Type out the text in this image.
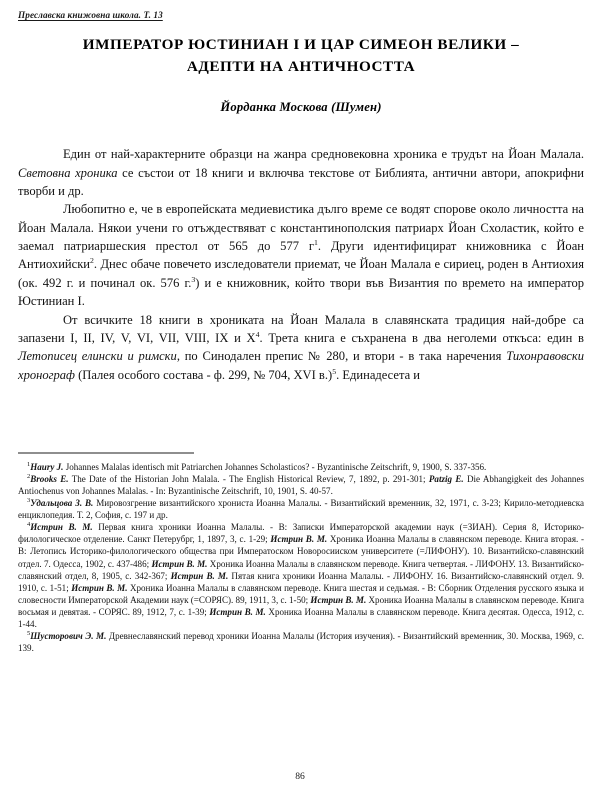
Преславска книжовна школа. Т. 13
ИМПЕРАТОР ЮСТИНИАН I И ЦАР СИМЕОН ВЕЛИКИ –
АДЕПТИ НА АНТИЧНОСТТА
Йорданка Москова (Шумен)

Един от най-характерните образци на жанра средновековна хроника е трудът на Йоан Малала. Световна хроника се състои от 18 книги и включва текстове от Библията, антични автори, апокрифни творби и др.

Любопитно е, че в европейската медиевистика дълго време се водят спорове около личността на Йоан Малала. Някои учени го отъждествяват с константинополския патриарх Йоан Схоластик, който е заемал патриаршеския престол от 565 до 577 $г^1$. Други идентифицират книжовника с Йоан Антиохийски$^2$. Днес обаче повечето изследователи приемат, че Йоан Малала е сириец, роден в Антиохия (ок. 492 г. и починал ок. 576 г.$^3$) и е книжовник, който твори във Византия по времето на император Юстиниан I.

От всичките 18 книги в хрониката на Йоан Малала в славянската традиция най-добре са запазени I, II, IV, V, VI, VII, VIII, IX и $X^4$. Трета книга е съхранена в два неголеми откъса: един в Летописец елински и римски, по Синодален препис № 280, и втори - в така наречения Тихонравовски хронограф (Палея особого состава - ф. 299, № 704, XVI в.)$^5$. Единадесета и

$^1$Haury J. Johannes Malalas identisch mit Patriarchen Johannes Scholasticos? - Byzantinische Zeitschrift, 9, 1900, S. 337-356.

$^2$Brooks E. The Date of the Historian John Malala. - The English Historical Review, 7, 1892, p. 291-301; Patzig E. Die Abhangigkeit des Johannes Antiochenus von Johannes Malalas. - In: Byzantinische Zeitschrift, 10, 1901, S. 40-57.

$^3$Удальцова З. В. Мировозгрение византийского хрониста Иоанна Малалы. - Византийский временник, 32, 1971, с. 3-23; Кирило-методиевска енциклопедия. Т. 2, София, с. 197 и др.

$^4$Истрин В. М. Первая книга хроники Иоанна Малалы. - В: Записки Императорской академии наук (=ЗИАН). Серия 8, Историко-филологическое отделение. Санкт Петерубрг, 1, 1897, 3, с. 1-29; Истрин В. М. Хроника Иоанна Малалы в славянском переводе. Книга вторая. - В: Летопись Историко-филологического общества при Императоском Новоросииском университете (=ЛИФОНУ). 10. Византийско-славянский отдел. 7. Одесса, 1902, с. 437-486; Истрин В. М. Хроника Иоанна Малалы в славянском переводе. Книга четвертая. - ЛИФОНУ. 13. Византийско-славянский отдел, 8, 1905, с. 342-367; Истрин В. М. Пятая книга хроники Иоанна Малалы. - ЛИФОНУ. 16. Византийско-славянский отдел. 9. 1910, с. 1-51; Истрин В. М. Хроника Иоанна Малалы в славянском переводе. Книга шестая и седьмая. - В: Сборник Отделения русского языка и словесности Императорской Академии наук (=СОРЯС). 89, 1911, 3, с. 1-50; Истрин В. М. Хроника Иоанна Малалы в славянском переводе. Книга восьмая и девятая. - СОРЯС. 89, 1912, 7, с. 1-39; Истрин В. М. Хроника Иоанна Малалы в славянском переводе. Книга десятая. Одесса, 1912, с. 1-44.

$^5$Шусторович Э. М. Древнеславянский перевод хроники Иоанна Малалы (История изучения). - Византийский временник, 30. Москва, 1969, с. 139.

86
